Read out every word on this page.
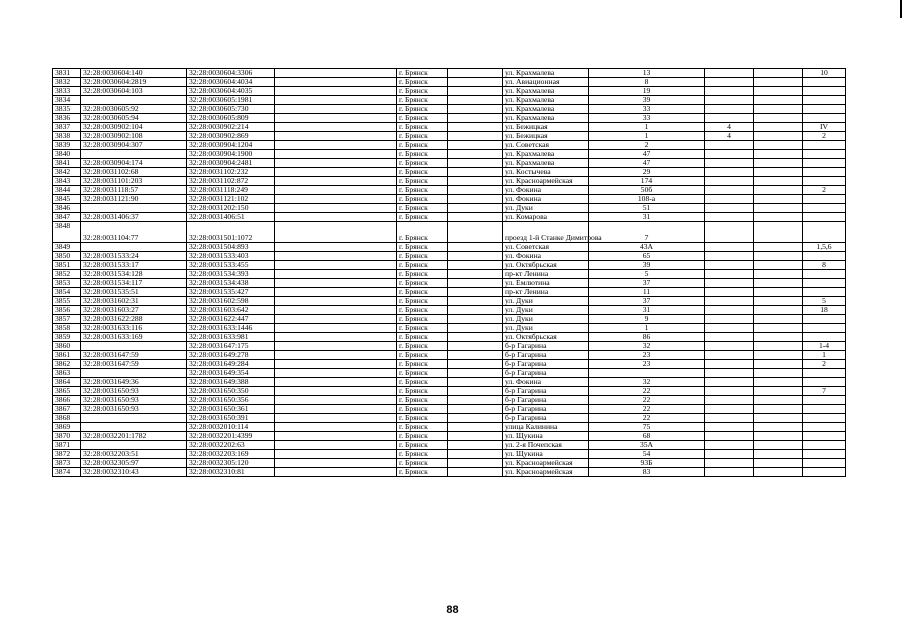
3831	32:28:0030604:140	32:28:0030604:3306		г. Брянск		ул. Крахмалева	13			10
3832	32:28:0030604:2819	32:28:0030604:4034		г. Брянск		ул. Авиационная	8			
3833	32:28:0030604:103	32:28:0030604:4035		г. Брянск		ул. Крахмалева	19			
3834		32:28:0030605:1981		г. Брянск		ул. Крахмалева	39			
3835	32:28:0030605:92	32:28:0030605:730		г. Брянск		ул. Крахмалева	33			
3836	32:28:0030605:94	32:28:0030605:809		г. Брянск		ул. Крахмалева	33			
3837	32:28:0030902:104	32:28:0030902:214		г. Брянск		ул. Бежицкая	1	4		IV
3838	32:28:0030902:108	32:28:0030902:869		г. Брянск		ул. Бежицкая	1	4		2
3839	32:28:0030904:307	32:28:0030904:1204		г. Брянск		ул. Советская	2			
3840		32:28:0030904:1900		г. Брянск		ул. Крахмалева	47			
3841	32:28:0030904:174	32:28:0030904:2481		г. Брянск		ул. Крахмалева	47			
3842	32:28:0031102:68	32:28:0031102:232		г. Брянск		ул. Костычева	29			
3843	32:28:0031101:203	32:28:0031102:872		г. Брянск		ул. Красноармейская	174			
3844	32:28:0031118:57	32:28:0031118:249		г. Брянск		ул. Фокина	50б			2
3845	32:28:0031121:90	32:28:0031121:102		г. Брянск		ул. Фокина	108-а			
3846		32:28:0031202:150		г. Брянск		ул. Дуки	51			
3847	32:28:0031406:37	32:28:0031406:51		г. Брянск		ул. Комарова	31			
3848	32:28:0031104:77	32:28:0031501:1072		г. Брянск		проезд 1-й Станке Димитрова	7			
3849		32:28:0031504:893		г. Брянск		ул. Советская	43А			1,5,6
3850	32:28:0031533:24	32:28:0031533:403		г. Брянск		ул. Фокина	65			
3851	32:28:0031533:17	32:28:0031533:455		г. Брянск		ул. Октябрьская	39			8
3852	32:28:0031534:128	32:28:0031534:393		г. Брянск		пр-кт Ленина	5			
3853	32:28:0031534:117	32:28:0031534:438		г. Брянск		ул. Емлютина	37			
3854	32:28:0031535:51	32:28:0031535:427		г. Брянск		пр-кт Ленина	11			
3855	32:28:0031602:31	32:28:0031602:598		г. Брянск		ул. Дуки	37			5
3856	32:28:0031603:27	32:28:0031603:642		г. Брянск		ул. Дуки	31			18
3857	32:28:0031622:288	32:28:0031622:447		г. Брянск		ул. Дуки	9			
3858	32:28:0031633:116	32:28:0031633:1446		г. Брянск		ул. Дуки	1			
3859	32:28:0031633:169	32:28:0031633:981		г. Брянск		ул. Октябрьская	86			
3860		32:28:0031647:175		г. Брянск		б-р Гагарина	32			1-4
3861	32:28:0031647:59	32:28:0031649:278		г. Брянск		б-р Гагарина	23			1
3862	32:28:0031647:59	32:28:0031649:284		г. Брянск		б-р Гагарина	23			2
3863		32:28:0031649:354		г. Брянск		б-р Гагарина				
3864	32:28:0031649:36	32:28:0031649:388		г. Брянск		ул. Фокина	32			
3865	32:28:0031650:93	32:28:0031650:350		г. Брянск		б-р Гагарина	22			7
3866	32:28:0031650:93	32:28:0031650:356		г. Брянск		б-р Гагарина	22			
3867	32:28:0031650:93	32:28:0031650:361		г. Брянск		б-р Гагарина	22			
3868		32:28:0031650:391		г. Брянск		б-р Гагарина	22			
3869		32:28:0032010:114		г. Брянск		улица Калинина	75			
3870	32:28:0032201:1782	32:28:0032201:4399		г. Брянск		ул. Щукина	68			
3871		32:28:0032202:63		г. Брянск		ул. 2-я Почепская	35А			
3872	32:28:0032203:51	32:28:0032203:169		г. Брянск		ул. Щукина	54			
3873	32:28:0032305:97	32:28:0032305:120		г. Брянск		ул. Красноармейская	93Б			
3874	32:28:0032310:43	32:28:0032310:81		г. Брянск		ул. Красноармейская	83			
88
